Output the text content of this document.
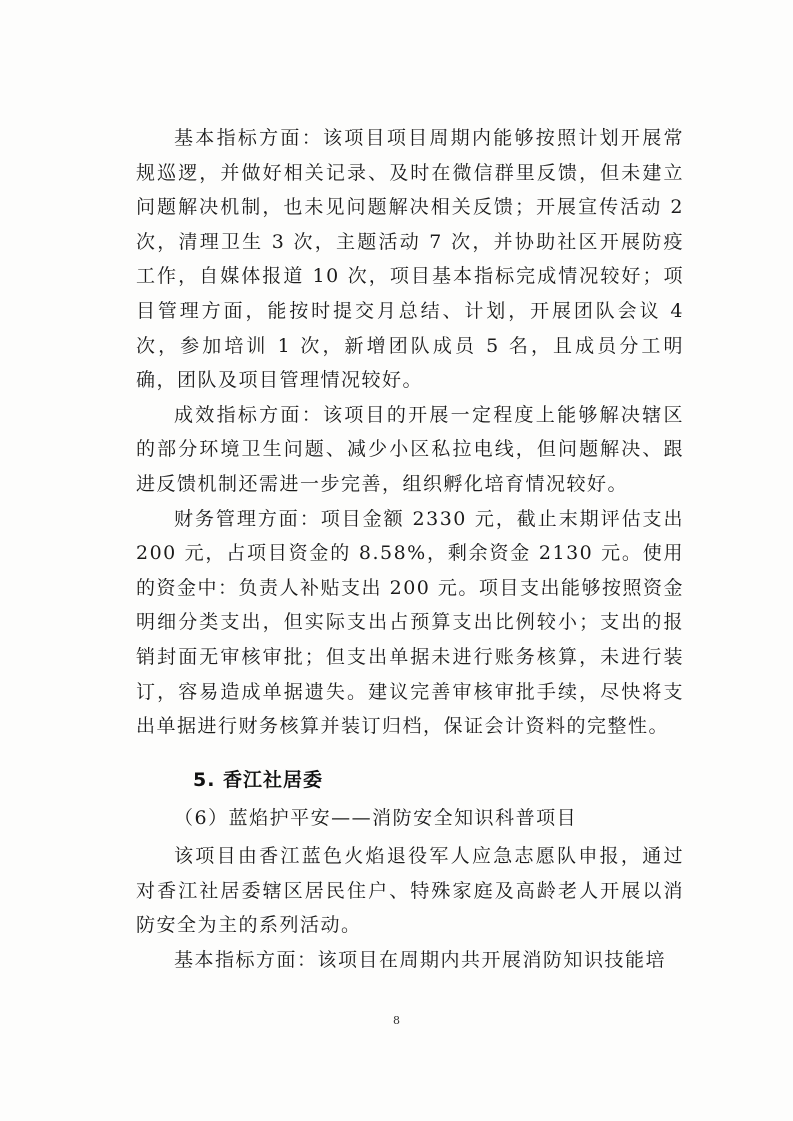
基本指标方面：该项目项目周期内能够按照计划开展常规巡逻，并做好相关记录、及时在微信群里反馈，但未建立问题解决机制，也未见问题解决相关反馈；开展宣传活动 2 次，清理卫生 3 次，主题活动 7 次，并协助社区开展防疫工作，自媒体报道 10 次，项目基本指标完成情况较好；项目管理方面，能按时提交月总结、计划，开展团队会议 4 次，参加培训 1 次，新增团队成员 5 名，且成员分工明确，团队及项目管理情况较好。

成效指标方面：该项目的开展一定程度上能够解决辖区的部分环境卫生问题、减少小区私拉电线，但问题解决、跟进反馈机制还需进一步完善，组织孵化培育情况较好。

财务管理方面：项目金额 2330 元，截止末期评估支出 200 元，占项目资金的 8.58%，剩余资金 2130 元。使用的资金中：负责人补贴支出 200 元。项目支出能够按照资金明细分类支出，但实际支出占预算支出比例较小；支出的报销封面无审核审批；但支出单据未进行账务核算，未进行装订，容易造成单据遗失。建议完善审核审批手续，尽快将支出单据进行财务核算并装订归档，保证会计资料的完整性。

5. 香江社居委
（6）蓝焰护平安——消防安全知识科普项目

该项目由香江蓝色火焰退役军人应急志愿队申报，通过对香江社居委辖区居民住户、特殊家庭及高龄老人开展以消防安全为主的系列活动。

基本指标方面：该项目在周期内共开展消防知识技能培

8
